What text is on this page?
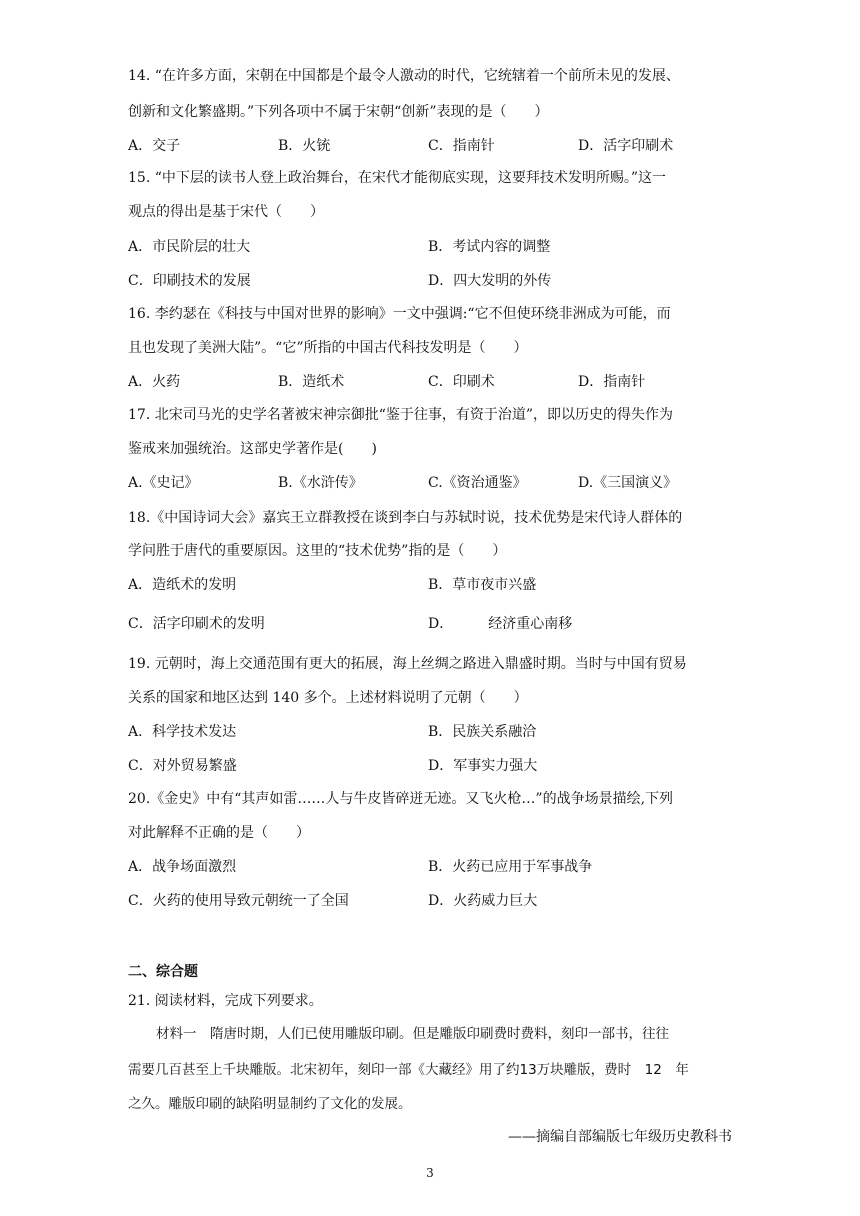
14. “在许多方面，宋朝在中国都是个最令人激动的时代，它统辖着一个前所未见的发展、
创新和文化繁盛期。”下列各项中不属于宋朝“创新”表现的是（　　）
A．交子	B．火铳	C．指南针	D．活字印刷术
15. “中下层的读书人登上政治舞台，在宋代才能彻底实现，这要拜技术发明所赐。”这一
观点的得出是基于宋代（　　）
A．市民阶层的壮大	B．考试内容的调整
C．印刷技术的发展	D．四大发明的外传
16. 李约瑟在《科技与中国对世界的影响》一文中强调:“它不但使环绕非洲成为可能，而
且也发现了美洲大陆”。“它”所指的中国古代科技发明是（　　）
A．火药	B．造纸术	C．印刷术	D．指南针
17. 北宋司马光的史学名著被宋神宗御批“鉴于往事，有资于治道”，即以历史的得失作为
鉴戒来加强统治。这部史学著作是(　　)
A.《史记》	B.《水浒传》	C.《资治通鉴》	D.《三国演义》
18.《中国诗词大会》嘉宾王立群教授在谈到李白与苏轼时说，技术优势是宋代诗人群体的
学问胜于唐代的重要原因。这里的“技术优势”指的是（　　）
A．造纸术的发明	B．草市夜市兴盛
C．活字印刷术的发明	D．　　　经济重心南移
19. 元朝时，海上交通范围有更大的拓展，海上丝绸之路进入鼎盛时期。当时与中国有贸易
关系的国家和地区达到 140 多个。上述材料说明了元朝（　　）
A．科学技术发达	B．民族关系融洽
C．对外贸易繁盛	D．军事实力强大
20.《金史》中有“其声如雷……人与牛皮皆碎迸无迹。又飞火枪…”的战争场景描绘,下列
对此解释不正确的是（　　）
A．战争场面激烈	B．火药已应用于军事战争
C．火药的使用导致元朝统一了全国	D．火药威力巨大
二、综合题
21. 阅读材料，完成下列要求。
材料一　隋唐时期，人们已使用雕版印刷。但是雕版印刷费时费料，刻印一部书，往往
需要几百甚至上千块雕版。北宋初年，刻印一部《大藏经》用了约13万块雕版，费时　12　年
之久。雕版印刷的缺陷明显制约了文化的发展。
——摘编自部编版七年级历史教科书
3
